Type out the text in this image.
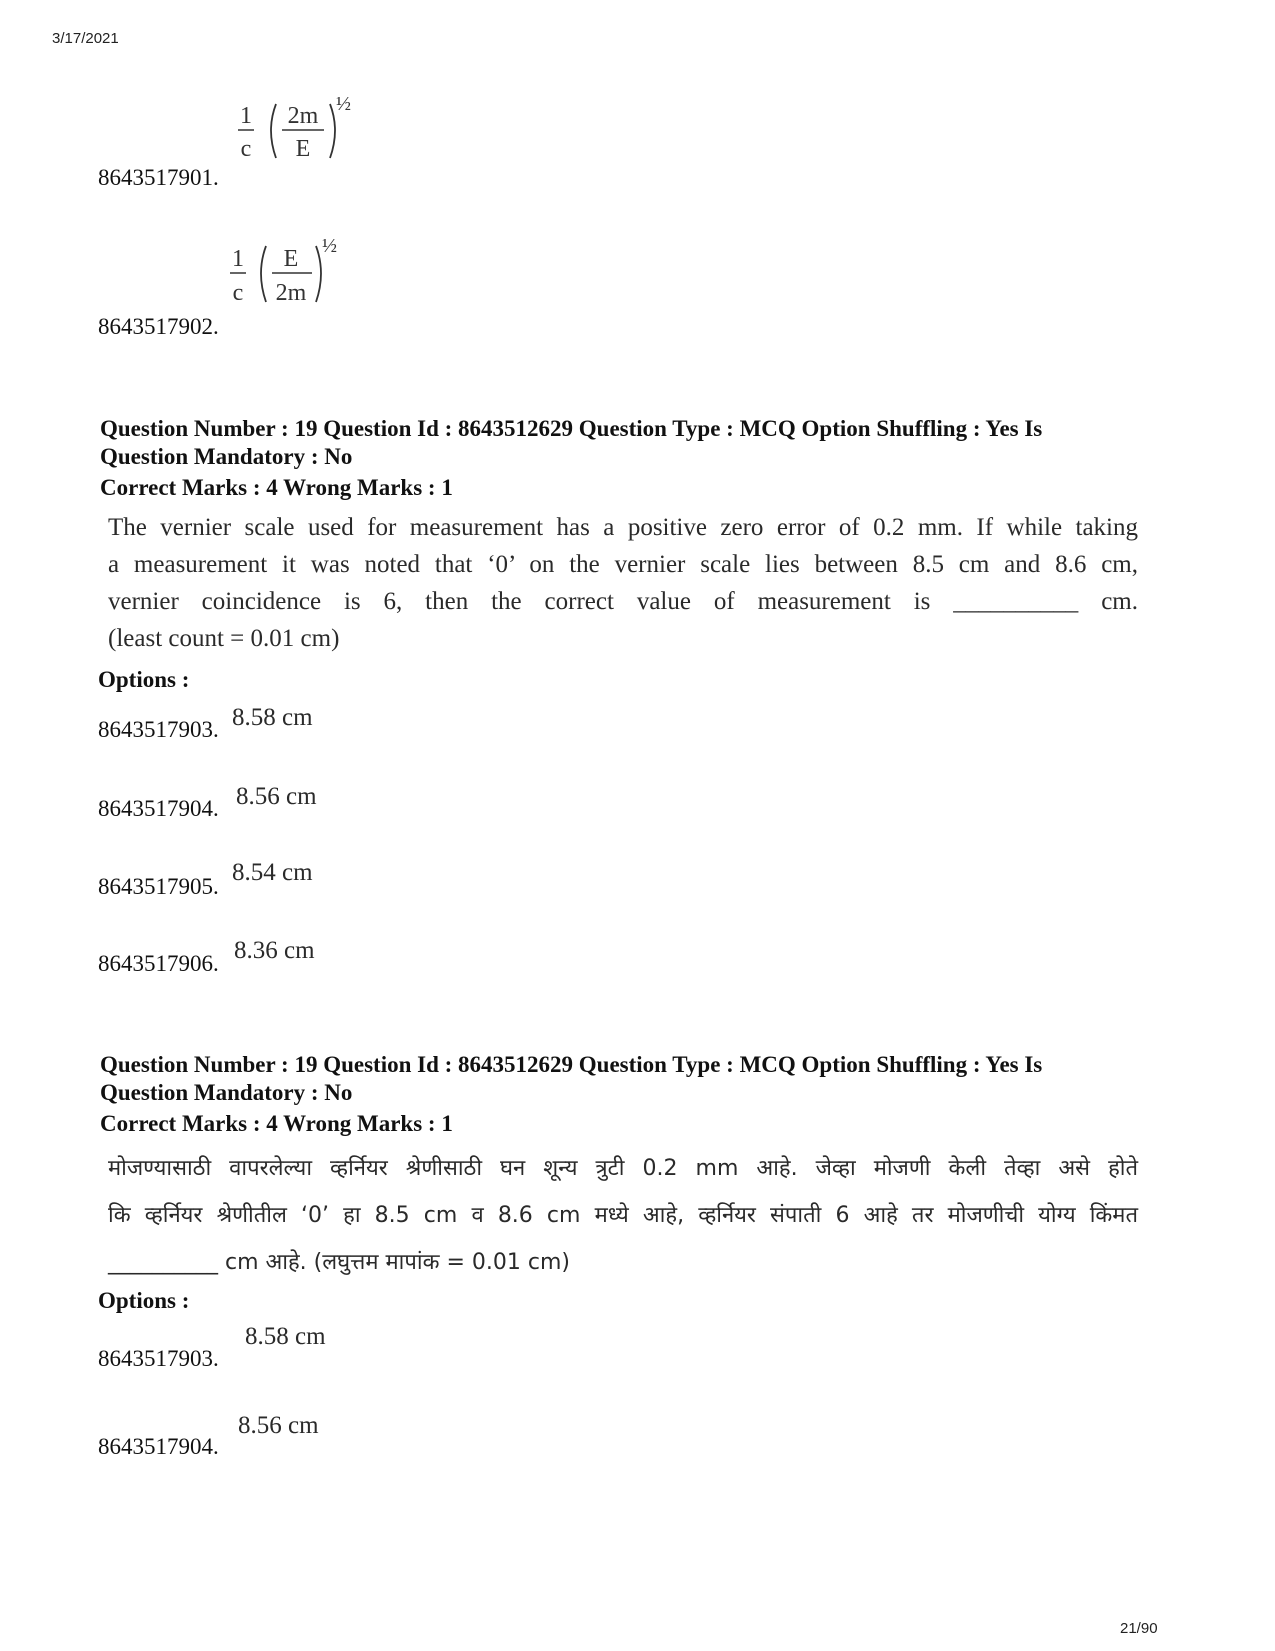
3/17/2021
1
c
2m
E
½
8643517901.
1
c
E
2m
½
8643517902.
Question Number : 19 Question Id : 8643512629 Question Type : MCQ Option Shuffling : Yes Is
Question Mandatory : No
Correct Marks : 4 Wrong Marks : 1
The vernier scale used for measurement has a positive zero error of 0.2 mm. If while taking
a measurement it was noted that ‘0’ on the vernier scale lies between 8.5 cm and 8.6 cm,
vernier coincidence is 6, then the correct value of measurement is __________ cm.
(least count = 0.01 cm)
Options :
8643517903. 8.58 cm
8643517904. 8.56 cm
8643517905.
8.54 cm
8643517906. 8.36 cm
Question Number : 19 Question Id : 8643512629 Question Type : MCQ Option Shuffling : Yes Is
Question Mandatory : No
Correct Marks : 4 Wrong Marks : 1
मोजण्यासाठी वापरलेल्या व्हर्नियर श्रेणीसाठी घन शून्य त्रुटी 0.2 mm आहे. जेव्हा मोजणी केली तेव्हा असे होते
कि व्हर्नियर श्रेणीतील ‘0’ हा 8.5 cm व 8.6 cm मध्ये आहे, व्हर्नियर संपाती 6 आहे तर मोजणीची योग्य किंमत
__________ cm आहे. (लघुत्तम मापांक = 0.01 cm)
Options :
8643517903.
8.58 cm
8643517904.
8.56 cm
21/90
